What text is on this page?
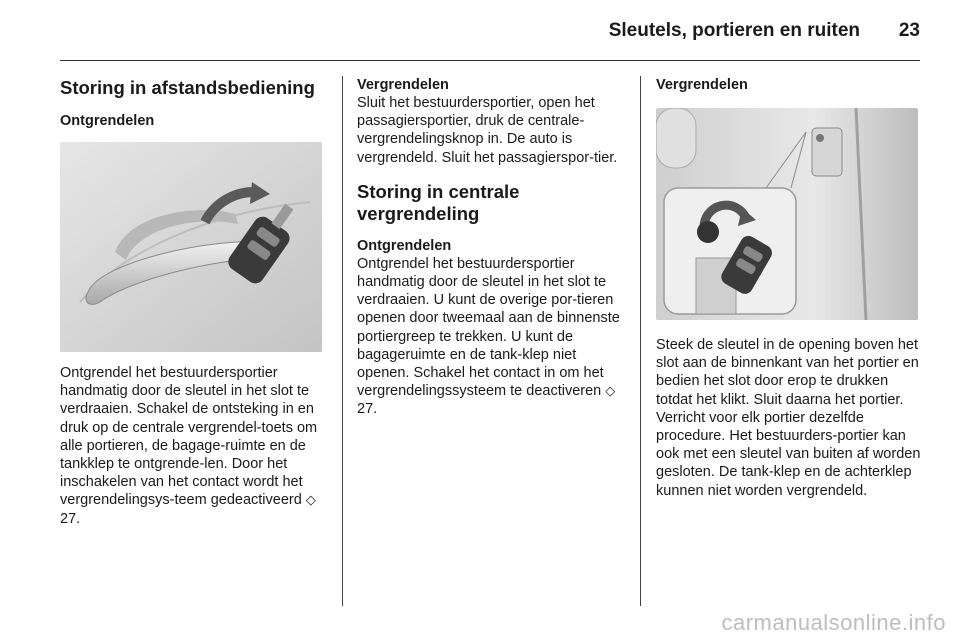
Sleutels, portieren en ruiten	23
Storing in afstandsbediening
Ontgrendelen

Ontgrendel het bestuurdersportier handmatig door de sleutel in het slot te verdraaien. Schakel de ontsteking in en druk op de centrale vergrendel-toets om alle portieren, de bagage-ruimte en de tankklep te ontgrende-len. Door het inschakelen van het contact wordt het vergrendelingsys-teem gedeactiveerd ◇ 27.

Vergrendelen

Sluit het bestuurdersportier, open het passagiersportier, druk de centrale-vergrendelingsknop in. De auto is vergrendeld. Sluit het passagierspor-tier.

Storing in centrale
vergrendeling
Ontgrendelen

Ontgrendel het bestuurdersportier handmatig door de sleutel in het slot te verdraaien. U kunt de overige por-tieren openen door tweemaal aan de binnenste portiergreep te trekken. U kunt de bagageruimte en de tank-klep niet openen. Schakel het contact in om het vergrendelingssysteem te deactiveren ◇ 27.

Vergrendelen

Steek de sleutel in de opening boven het slot aan de binnenkant van het portier en bedien het slot door erop te drukken totdat het klikt. Sluit daarna het portier. Verricht voor elk portier dezelfde procedure. Het bestuurders-portier kan ook met een sleutel van buiten af worden gesloten. De tank-klep en de achterklep kunnen niet worden vergrendeld.

carmanualsonline.info
